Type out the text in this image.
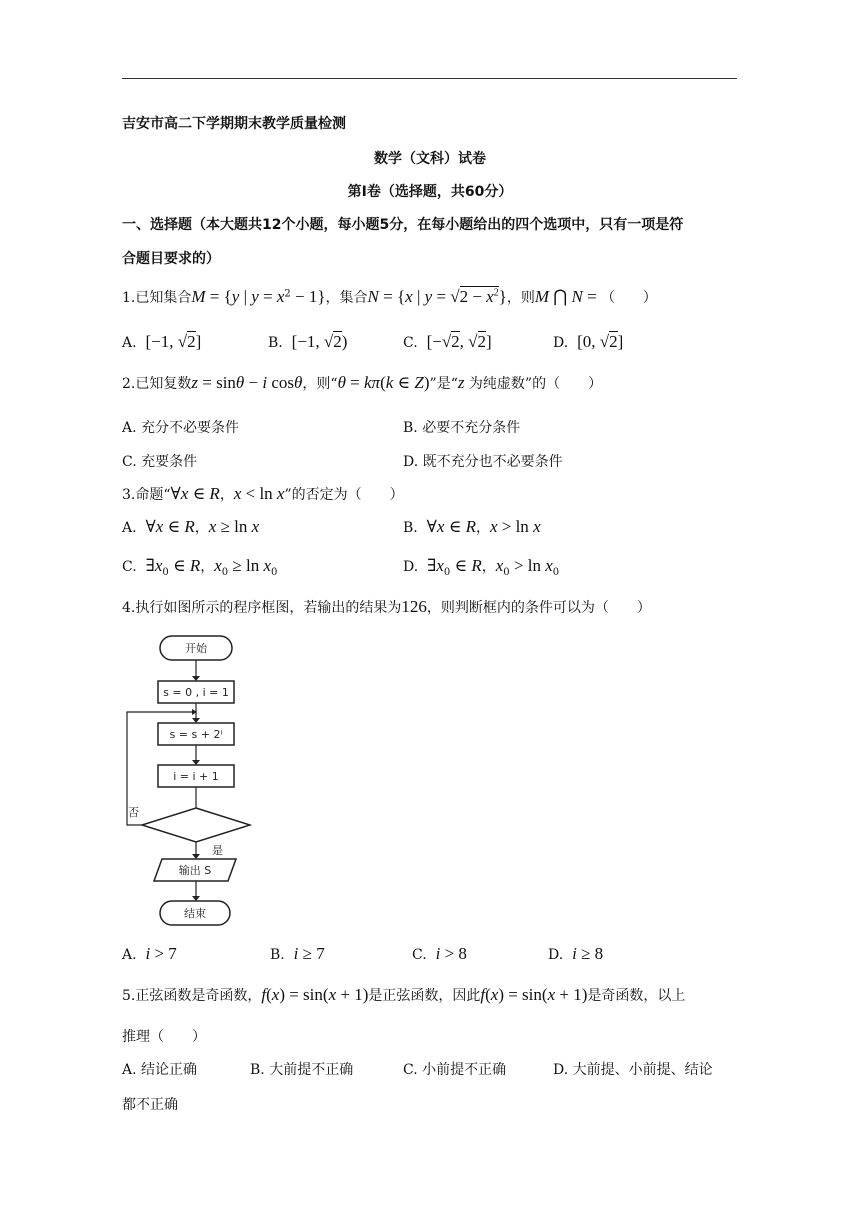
吉安市高二下学期期末教学质量检测
数学（文科）试卷
第Ⅰ卷（选择题，共60分）
一、选择题（本大题共12个小题，每小题5分，在每小题给出的四个选项中，只有一项是符
合题目要求的）
1.已知集合M = {y | $y = x^2 - 1$}，集合N = {x | $y = √2 - x^2$}，则M ⋂ N = （　　）
A. [−1, √2]	B. [−1, √2)	C. [−√2, √2]	D. [0, √2]
2.已知复数z = sinθ − i cosθ，则“θ = kπ(k ∈ Z)”是“z 为纯虚数”的（　　）
A. 充分不必要条件	B. 必要不充分条件
C. 充要条件	D. 既不充分也不必要条件
3.命题“∀x ∈ R，x < ln x”的否定为（　　）
A. ∀x ∈ R，x ≥ ln x	B. ∀x ∈ R，x > ln x
C. $\exists x_0$ ∈ R，$x_0 \ge \ln x_0$	D. $\exists x_0$ ∈ R，$x_0 > \ln x_0$
4.执行如图所示的程序框图，若输出的结果为126，则判断框内的条件可以为（　　）
开始
s = 0 , i = 1
s = s + 2ⁱ
i = i + 1
否
是
输出 S
结束
A. i > 7	B. i ≥ 7	C. i > 8	D. i ≥ 8
5.正弦函数是奇函数，f(x) = sin(x + 1)是正弦函数，因此f(x) = sin(x + 1)是奇函数，以上
推理（　　）
A. 结论正确	B. 大前提不正确	C. 小前提不正确	D. 大前提、小前提、结论
都不正确
